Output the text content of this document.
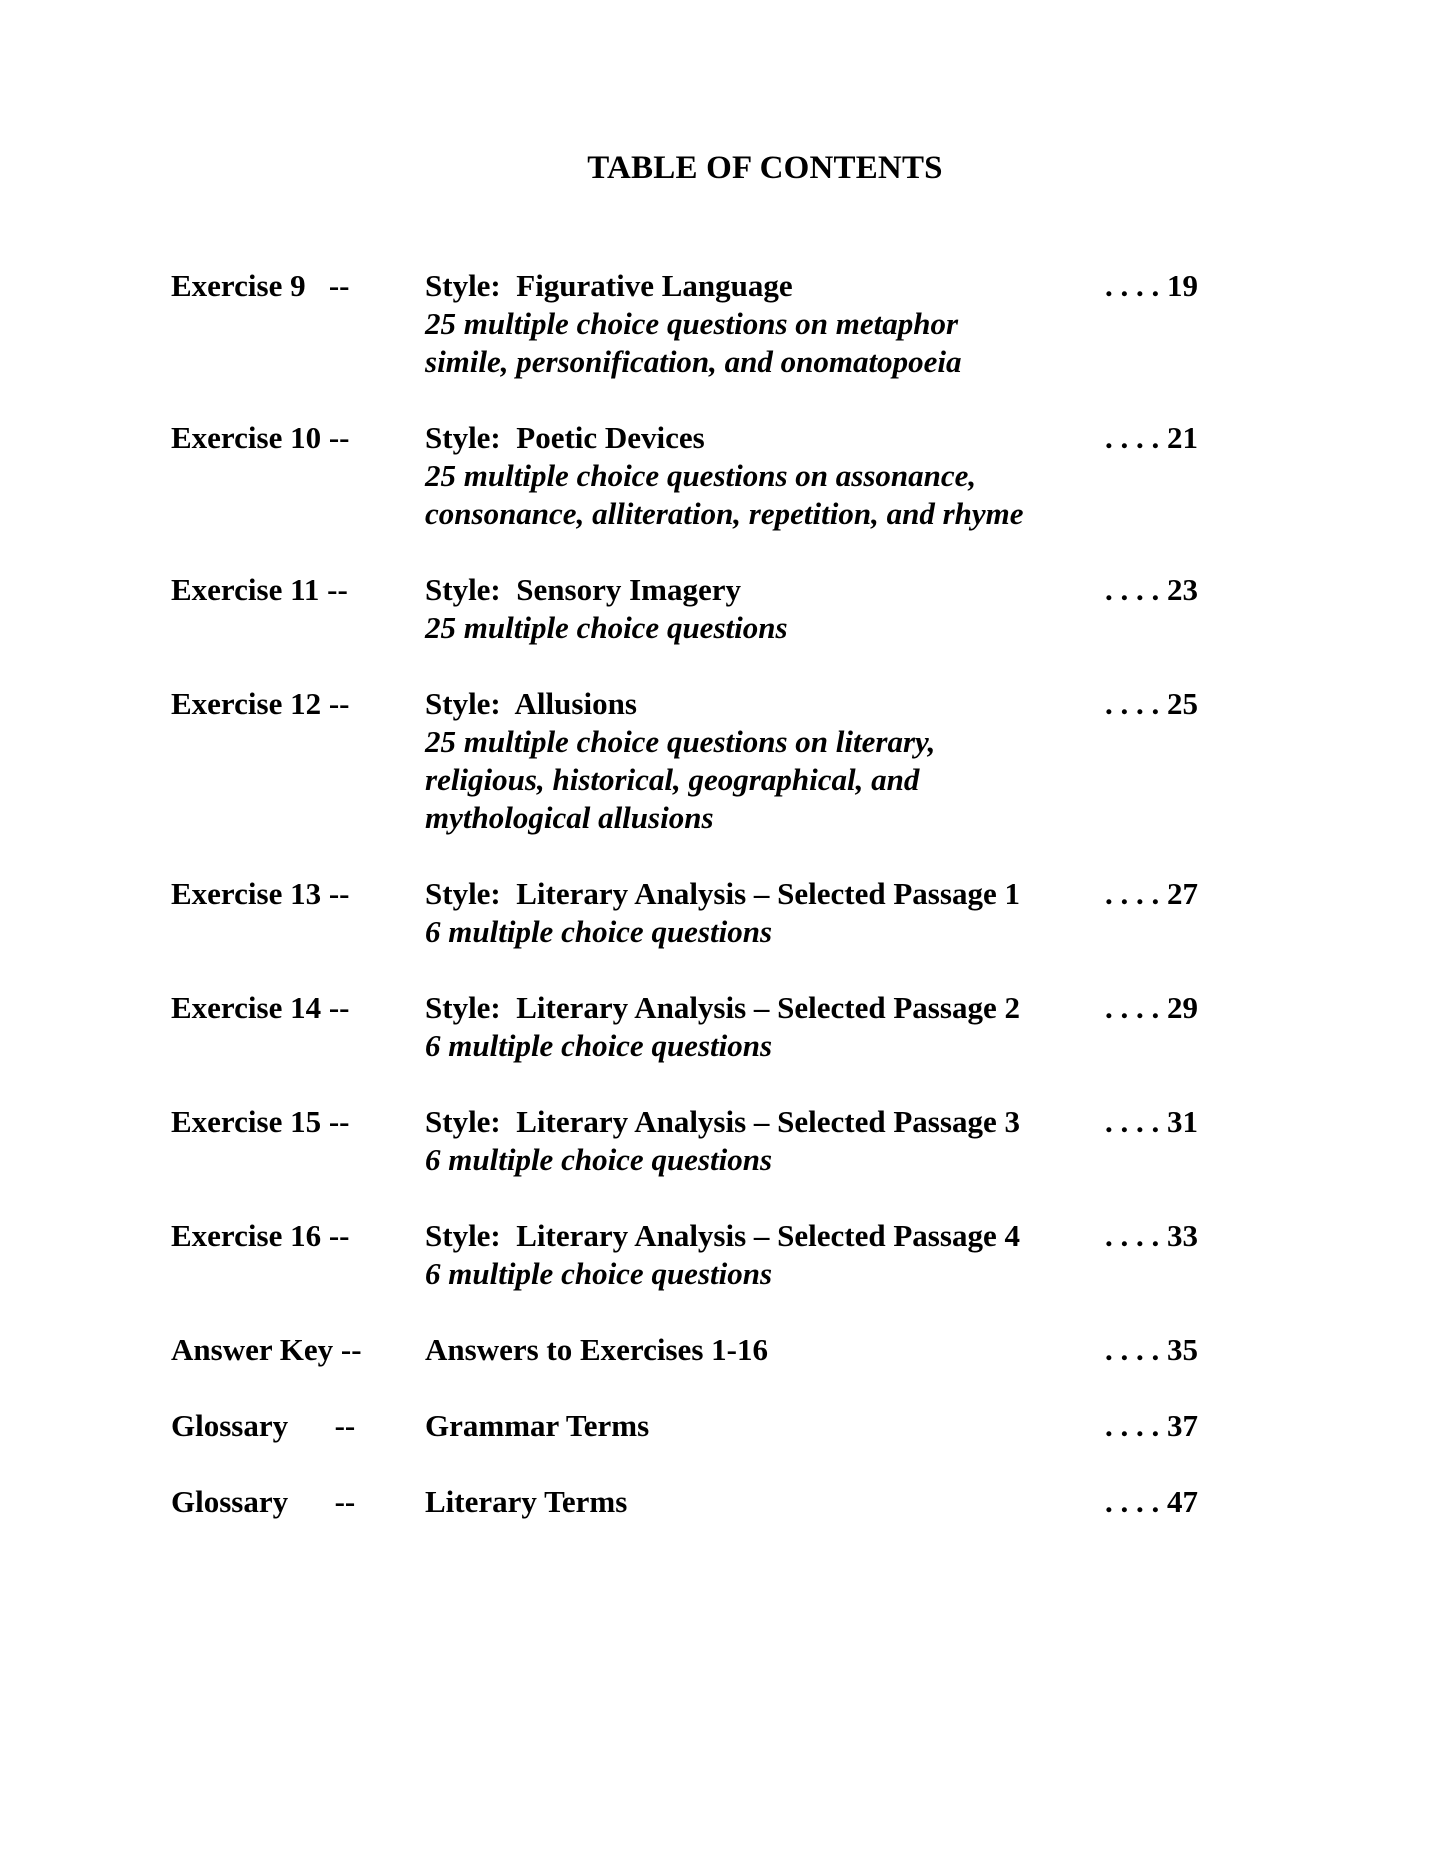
TABLE OF CONTENTS
Exercise 9   -- Style:  Figurative Language
25 multiple choice questions on metaphor
simile, personification, and onomatopoeia
. . . . 19
Exercise 10 -- Style:  Poetic Devices
25 multiple choice questions on assonance,
consonance, alliteration, repetition, and rhyme
. . . . 21
Exercise 11 -- Style:  Sensory Imagery
25 multiple choice questions
. . . . 23
Exercise 12 -- Style:  Allusions
25 multiple choice questions on literary,
religious, historical, geographical, and
mythological allusions
. . . . 25
Exercise 13 -- Style:  Literary Analysis – Selected Passage 1
6 multiple choice questions
. . . . 27
Exercise 14 -- Style:  Literary Analysis – Selected Passage 2
6 multiple choice questions
. . . . 29
Exercise 15 -- Style:  Literary Analysis – Selected Passage 3
6 multiple choice questions
. . . . 31
Exercise 16 -- Style:  Literary Analysis – Selected Passage 4
6 multiple choice questions
. . . . 33
Answer Key -- Answers to Exercises 1-16	. . . . 35
Glossary      -- Grammar Terms	. . . . 37
Glossary      -- Literary Terms	. . . . 47
